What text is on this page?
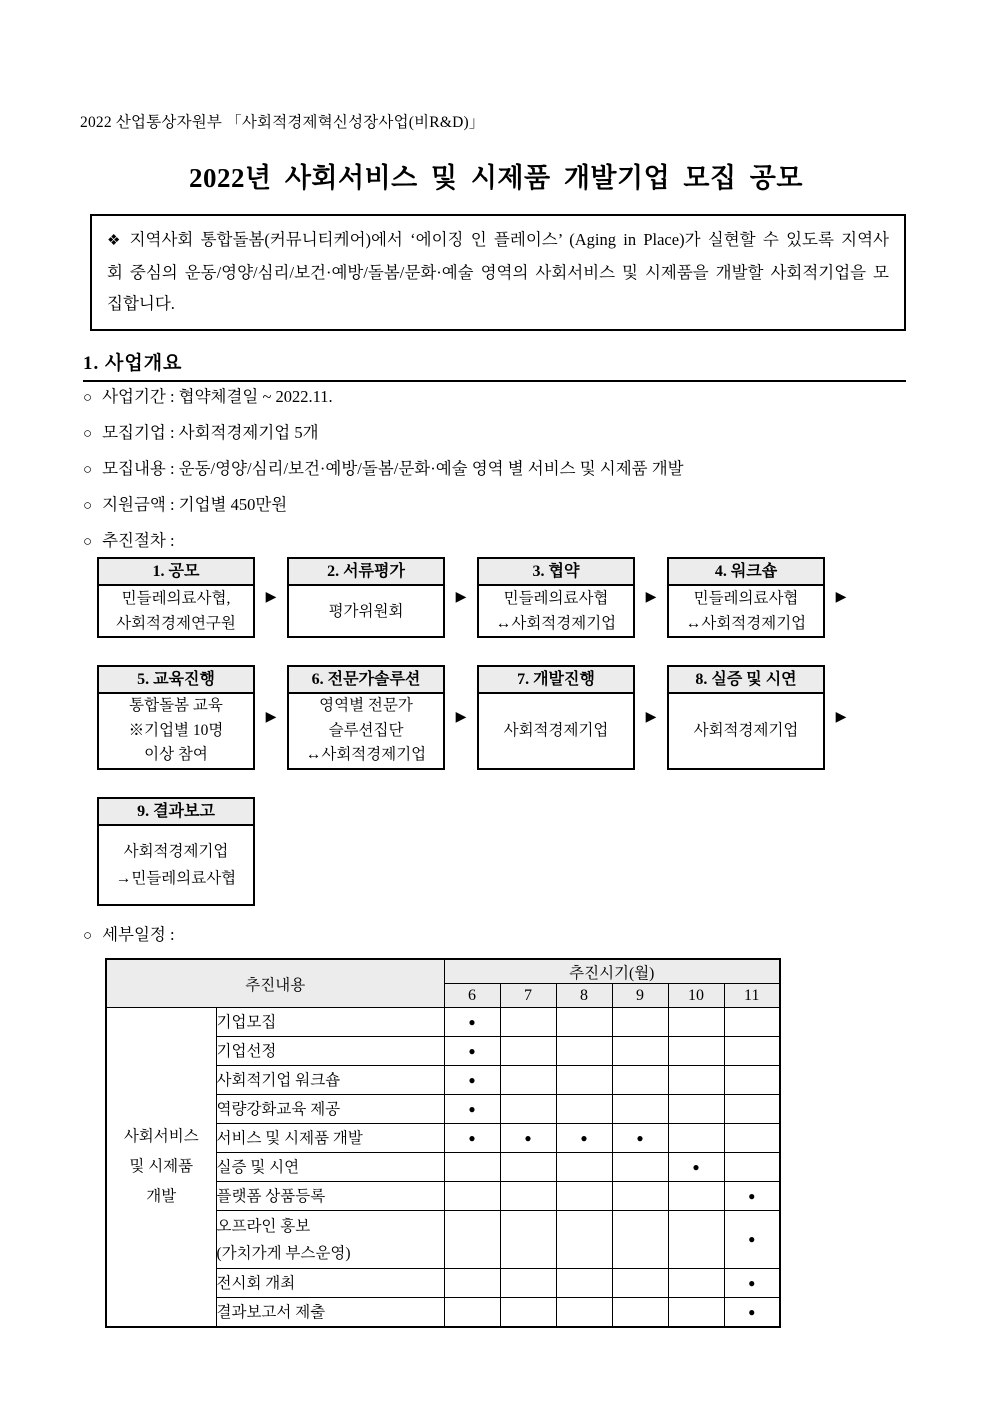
2022 산업통상자원부 「사회적경제혁신성장사업(비R&D)」
2022년 사회서비스 및 시제품 개발기업 모집 공모
❖ 지역사회 통합돌봄(커뮤니티케어)에서 ‘에이징 인 플레이스’ (Aging in Place)가 실현할 수 있도록 지역사회 중심의 운동/영양/심리/보건·예방/돌봄/문화·예술 영역의 사회서비스 및 시제품을 개발할 사회적기업을 모집합니다.
1. 사업개요
○ 사업기간 : 협약체결일 ~ 2022.11.
○ 모집기업 : 사회적경제기업 5개
○ 모집내용 : 운동/영양/심리/보건·예방/돌봄/문화·예술 영역 별 서비스 및 시제품 개발
○ 지원금액 : 기업별 450만원
○ 추진절차 :
1. 공모
민들레의료사협,
사회적경제연구원
▶
2. 서류평가
평가위원회
▶
3. 협약
민들레의료사협
↔사회적경제기업
▶
4. 워크숍
민들레의료사협
↔사회적경제기업
▶
5. 교육진행
통합돌봄 교육
※기업별 10명
이상 참여
▶
6. 전문가솔루션
영역별 전문가
슬루션집단
↔사회적경제기업
▶
7. 개발진행
사회적경제기업
▶
8. 실증 및 시연
사회적경제기업
▶
9. 결과보고
사회적경제기업
→민들레의료사협
○ 세부일정 :
추진내용		추진시기(월)					
		6	7	8	9	10	11

사회서비스
및 시제품
개발	기업모집	●					

	기업선정	●					

	사회적기업 워크숍	●					

	역량강화교육 제공	●					

	서비스 및 시제품 개발	●	●	●	●		

	실증 및 시연					●	

	플랫폼 상품등록						●

	오프라인 홍보
(가치가게 부스운영)						●

	전시회 개최						●

	결과보고서 제출						●
